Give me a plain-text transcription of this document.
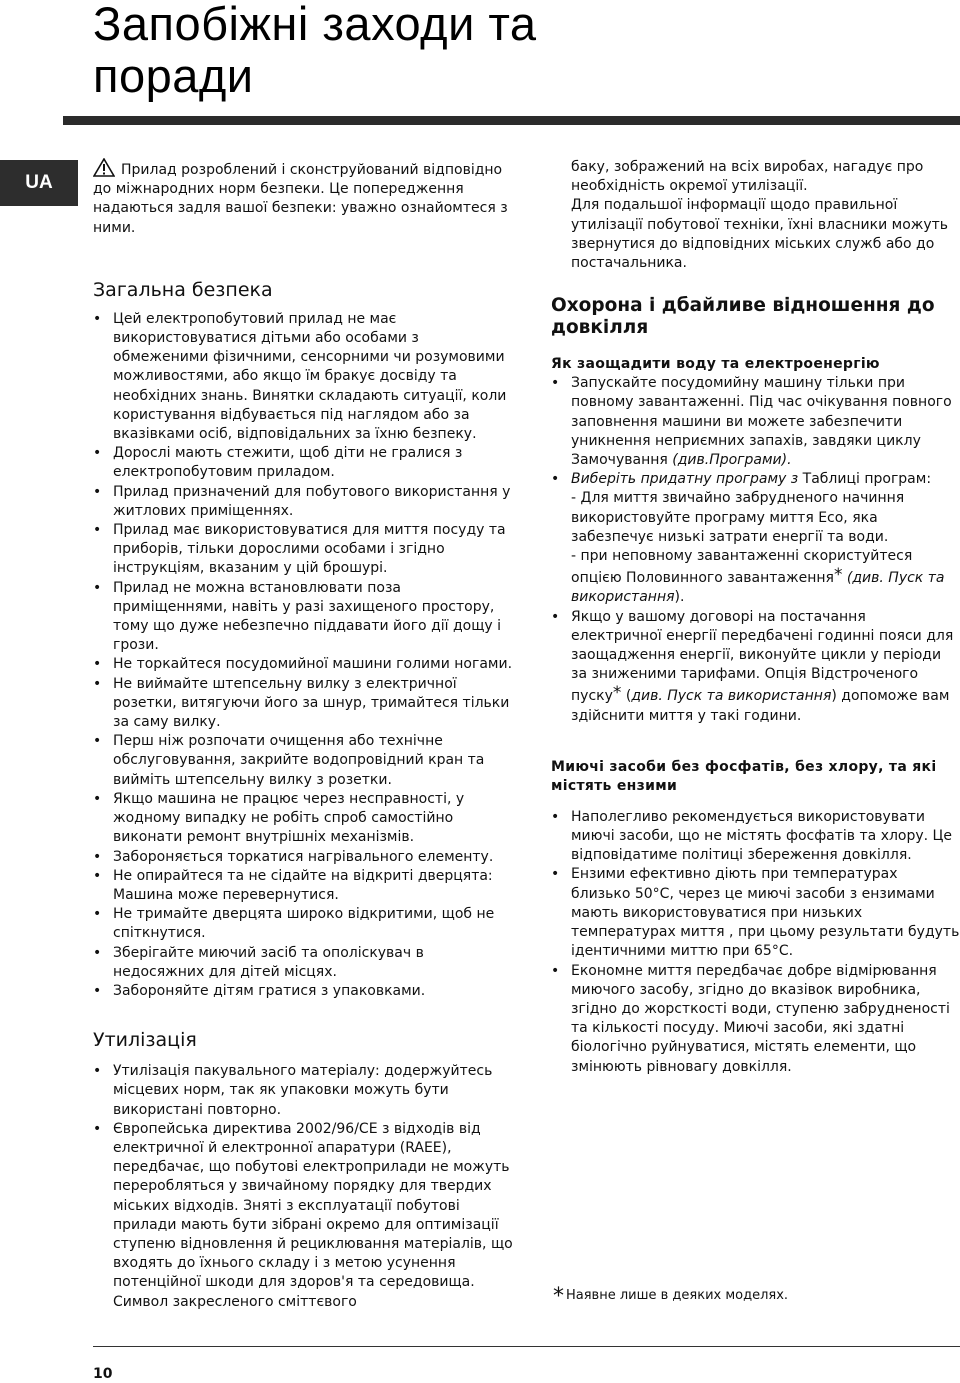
Запобіжні заходи та
поради
UA

Прилад розроблений і сконструйований відповідно до міжнародних норм безпеки. Це попередження надаються задля вашої безпеки: уважно ознайомтеся з ними.

Загальна безпека
• Цей електропобутовий прилад не має використовуватися дітьми або особами з обмеженими фізичними, сенсорними чи розумовими можливостями, або якщо їм бракує досвіду та необхідних знань. Винятки складають ситуації, коли користування відбувається під наглядом або за вказівками осіб, відповідальних за їхню безпеку.
• Дорослі мають стежити, щоб діти не гралися з електропобутовим приладом.
• Прилад призначений для побутового використання у житлових приміщеннях.
• Прилад має використовуватися для миття посуду та приборів, тільки дорослими особами і згідно інструкціям, вказаним у цій брошурі.
• Прилад не можна встановлювати поза приміщеннями, навіть у разі захищеного простору, тому що дуже небезпечно піддавати його дії дощу і грози.
• Не торкайтеся посудомийної машини голими ногами.
• Не виймайте штепсельну вилку з електричної розетки, витягуючи його за шнур, тримайтеся тільки за саму вилку.
• Перш ніж розпочати очищення або технічне обслуговування, закрийте водопровідний кран та вийміть штепсельну вилку з розетки.
• Якщо машина не працює через несправності, у жодному випадку не робіть спроб самостійно виконати ремонт внутрішніх механізмів.
• Забороняється торкатися нагрівального елементу.
• Не опирайтеся та не сідайте на відкриті дверцята: Машина може перевернутися.
• Не тримайте дверцята широко відкритими, щоб не спіткнутися.
• Зберігайте миючий засіб та ополіскувач в недосяжних для дітей місцях.
• Забороняйте дітям гратися з упаковками.
Утилізація
• Утилізація пакувального матеріалу: додержуйтесь місцевих норм, так як упаковки можуть бути використані повторно.
• Європейська директива 2002/96/CE з відходів від електричної й електронної апаратури (RAEE), передбачає, що побутові електроприлади не можуть переробляться у звичайному порядку для твердих міських відходів. Зняті з експлуатації побутові прилади мають бути зібрані окремо для оптимізації ступеню відновлення й рециклювання матеріалів, що входять до їхнього складу і з метою усунення потенційної шкоди для здоров'я та середовища. Символ закресленого сміттєвого

баку, зображений на всіх виробах, нагадує про необхідність окремої утилізації.

Для подальшої інформації щодо правильної утилізації побутової техніки, їхні власники можуть звернутися до відповідних міських служб або до постачальника.

Охорона і дбайливе відношення до довкілля
Як заощадити воду та електроенергію
• Запускайте посудомийну машину тільки при повному завантаженні. Під час очікування повного заповнення машини ви можете забезпечити уникнення неприємних запахів, завдяки циклу Замочування (див.Програми).
• Виберіть придатну програму з Таблиці програм:
- Для миття звичайно забрудненого начиння використовуйте програму миття Eco, яка забезпечує низькі затрати енергії та води.
- при неповному завантаженні скористуйтеся опцією Половинного завантаження* (див. Пуск та використання).
• Якщо у вашому договорі на постачання електричної енергії передбачені годинні пояси для заощадження енергії, виконуйте цикли у періоди за зниженими тарифами. Опція Відстроченого пуску* (див. Пуск та використання) допоможе вам здійснити миття у такі години.
Миючі засоби без фосфатів, без хлору, та які містять ензими
• Наполегливо рекомендується використовувати миючі засоби, що не містять фосфатів та хлору. Це відповідатиме політиці збереження довкілля.
• Ензими ефективно діють при температурах близько 50°C, через це миючі засоби з ензимами мають використовуватися при низьких температурах миття , при цьому результати будуть ідентичними миттю при 65°C.
• Економне миття передбачає добре відмірювання миючого засобу, згідно до вказівок виробника, згідно до жорсткості води, ступеню забрудненості та кількості посуду. Миючі засоби, які здатні біологічно руйнуватися, містять елементи, що змінюють рівновагу довкілля.
* Наявне лише в деяких моделях.
10
